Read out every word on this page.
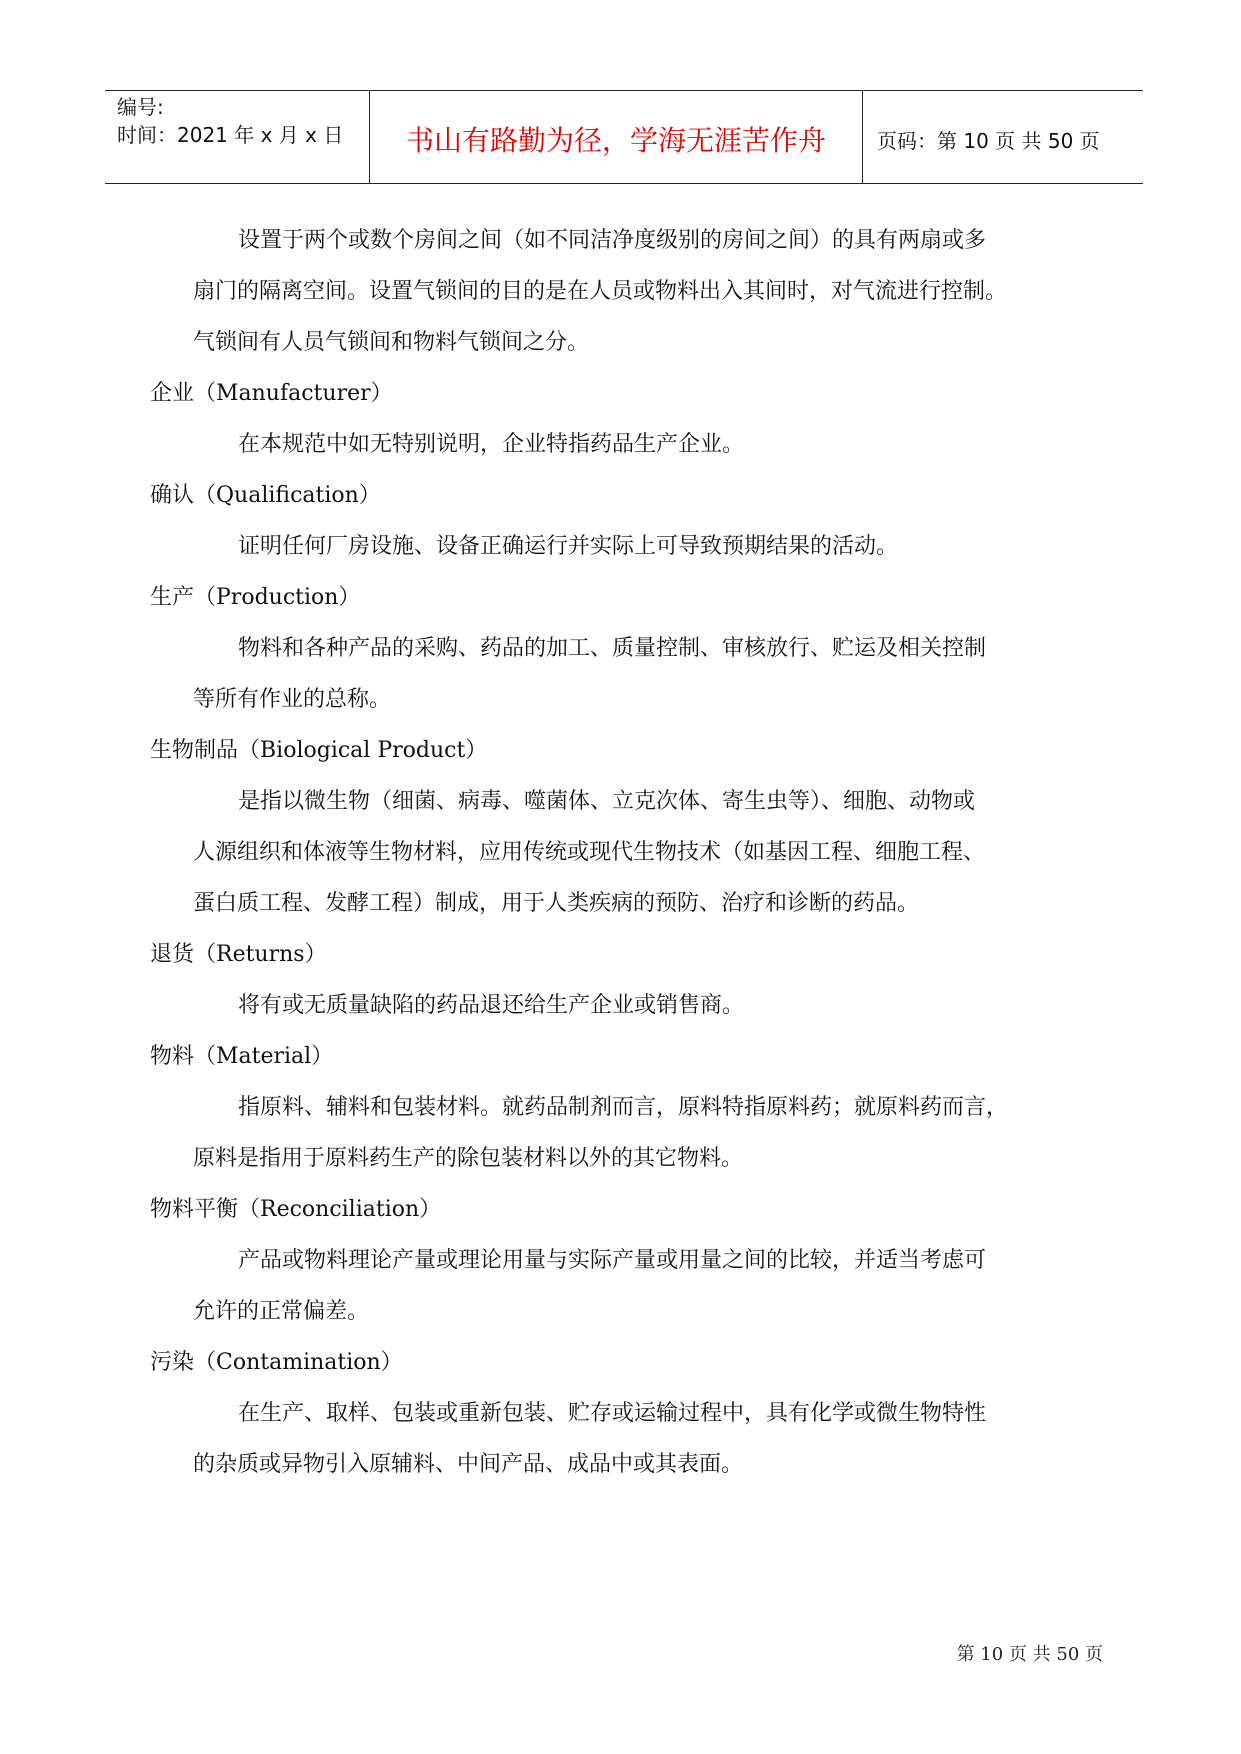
编号:
时间：2021 年 x 月 x 日	书山有路勤为径，学海无涯苦作舟	页码：第 10 页 共 50 页
设置于两个或数个房间之间（如不同洁净度级别的房间之间）的具有两扇或多
扇门的隔离空间。设置气锁间的目的是在人员或物料出入其间时，对气流进行控制。
气锁间有人员气锁间和物料气锁间之分。
企业（Manufacturer）
在本规范中如无特别说明，企业特指药品生产企业。
确认（Qualification）
证明任何厂房设施、设备正确运行并实际上可导致预期结果的活动。
生产（Production）
物料和各种产品的采购、药品的加工、质量控制、审核放行、贮运及相关控制
等所有作业的总称。
生物制品（Biological Product）
是指以微生物（细菌、病毒、噬菌体、立克次体、寄生虫等）、细胞、动物或
人源组织和体液等生物材料，应用传统或现代生物技术（如基因工程、细胞工程、
蛋白质工程、发酵工程）制成，用于人类疾病的预防、治疗和诊断的药品。
退货（Returns）
将有或无质量缺陷的药品退还给生产企业或销售商。
物料（Material）
指原料、辅料和包装材料。就药品制剂而言，原料特指原料药；就原料药而言，
原料是指用于原料药生产的除包装材料以外的其它物料。
物料平衡（Reconciliation）
产品或物料理论产量或理论用量与实际产量或用量之间的比较，并适当考虑可
允许的正常偏差。
污染（Contamination）
在生产、取样、包装或重新包装、贮存或运输过程中，具有化学或微生物特性
的杂质或异物引入原辅料、中间产品、成品中或其表面。
第 10 页 共 50 页
